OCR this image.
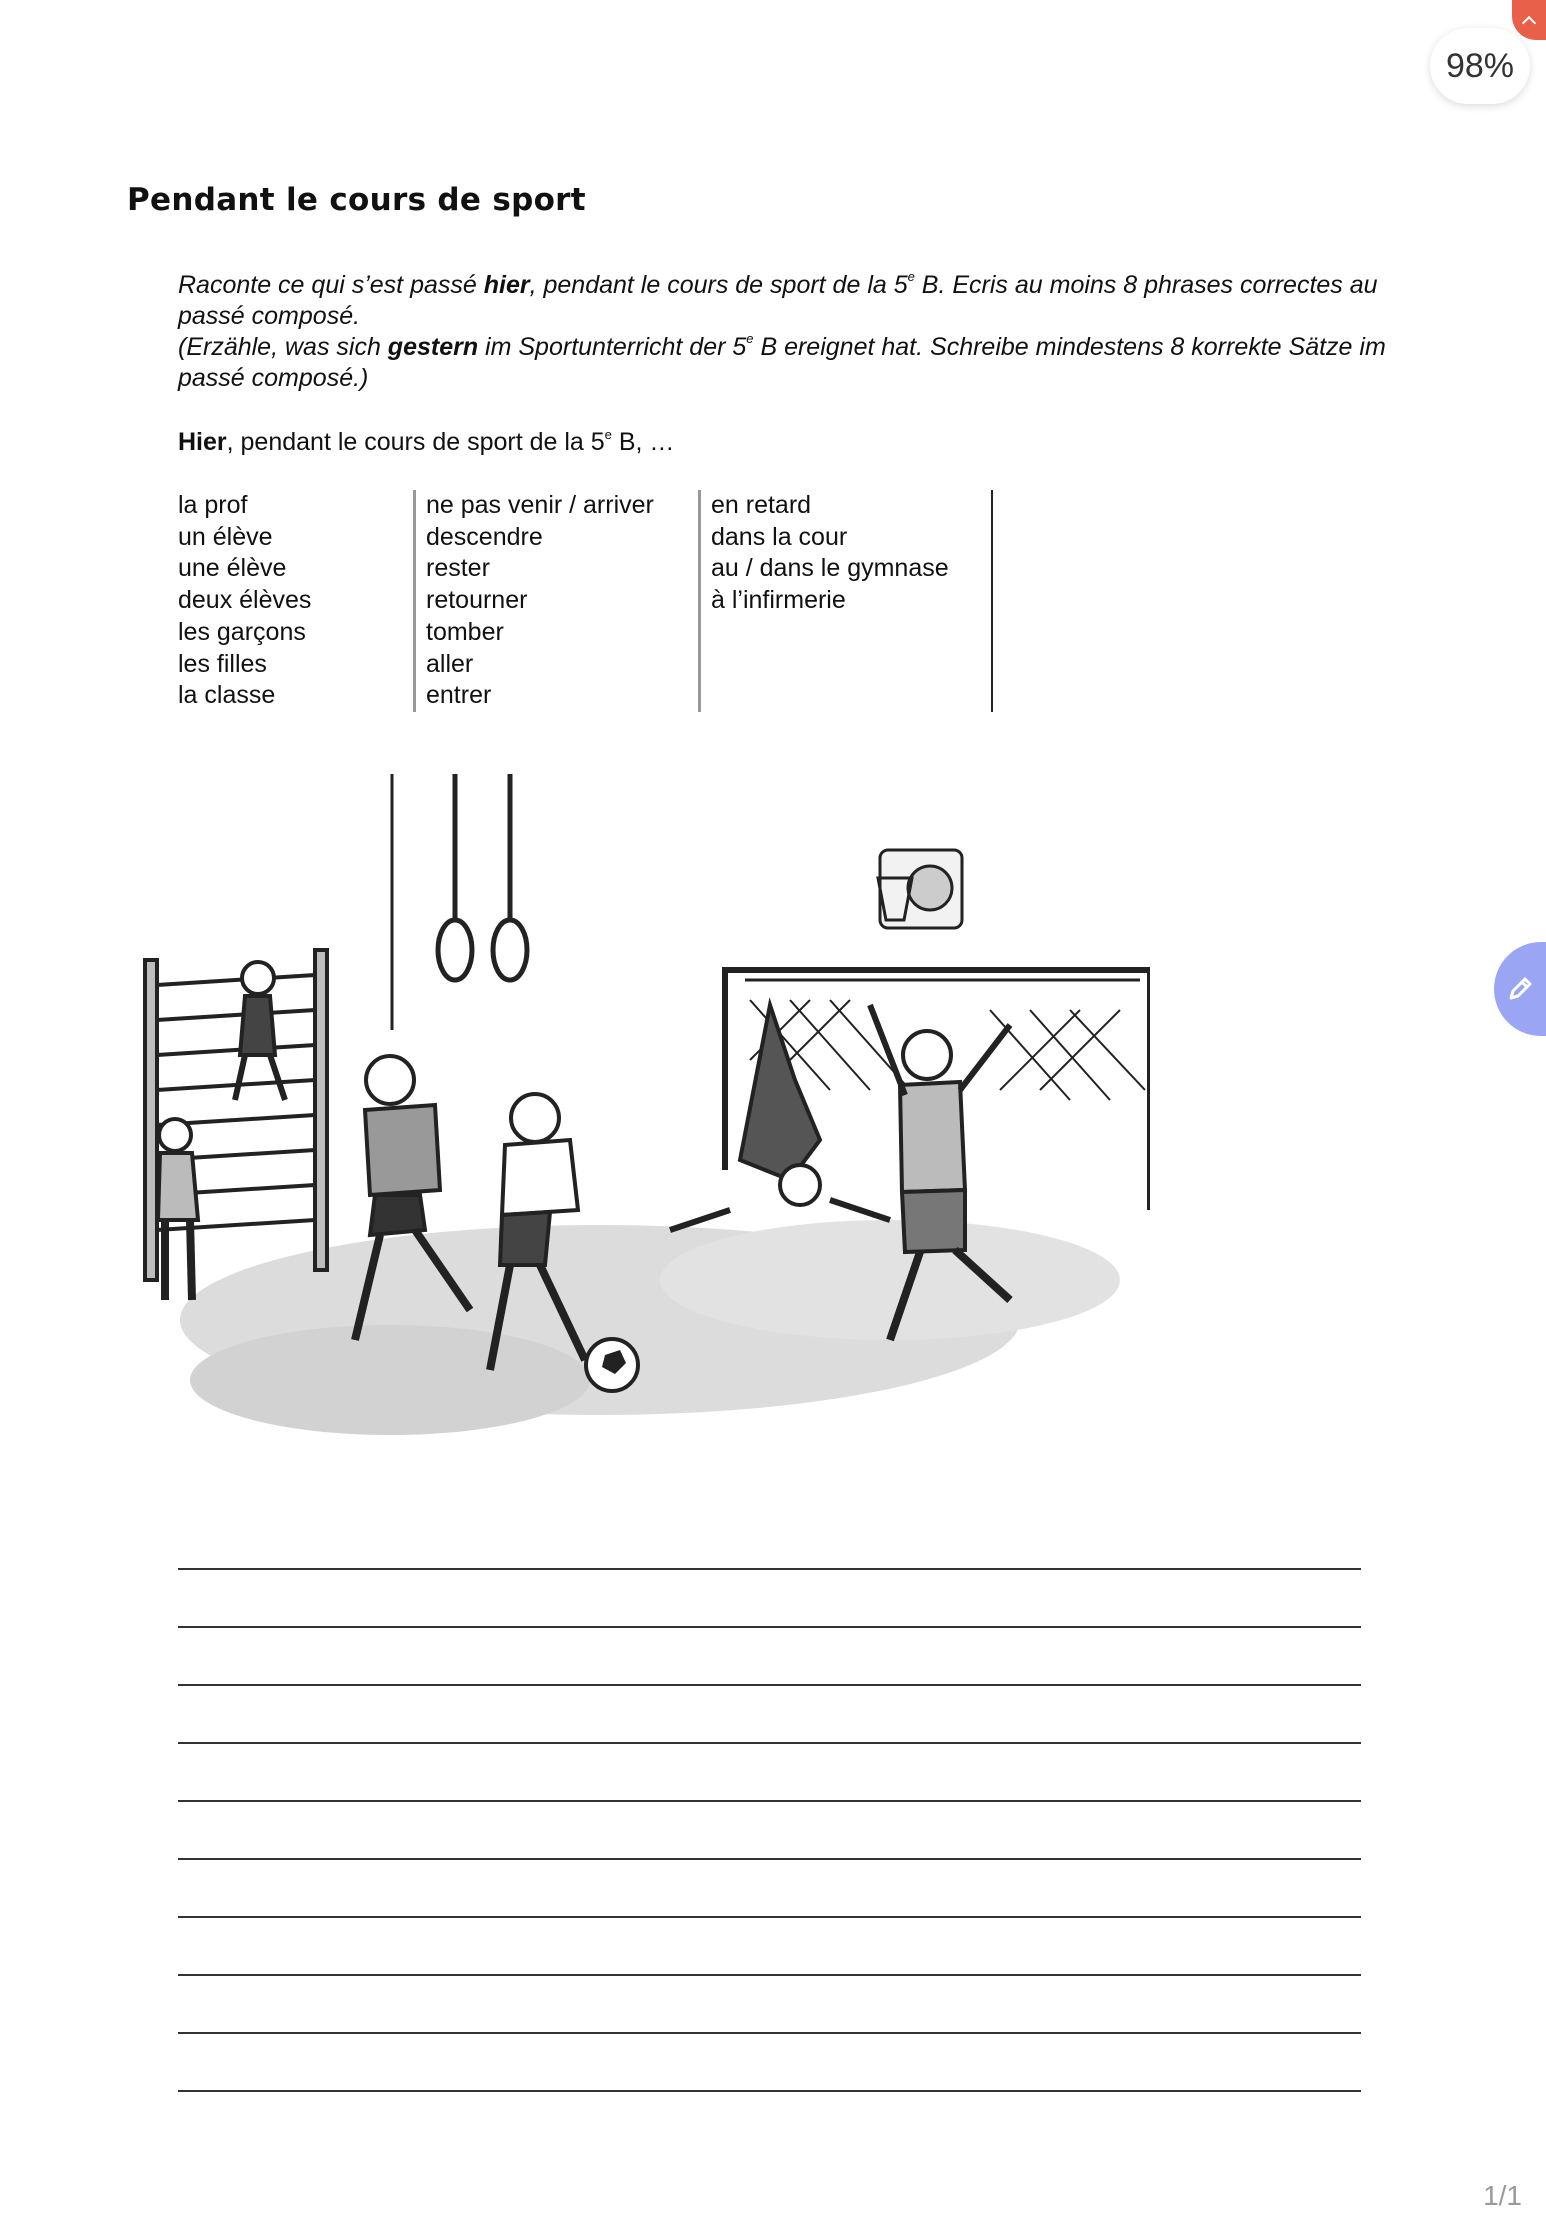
98%
Pendant le cours de sport

Raconte ce qui s’est passé hier, pendant le cours de sport de la 5e B. Ecris au moins 8 phrases correctes au passé composé.

(Erzähle, was sich gestern im Sportunterricht der 5e B ereignet hat. Schreibe mindestens 8 korrekte Sätze im passé composé.)

Hier, pendant le cours de sport de la 5e B, …
la prof
un élève
une élève
deux élèves
les garçons
les filles
la classe
ne pas venir / arriver
descendre
rester
retourner
tomber
aller
entrer
en retard
dans la cour
au / dans le gymnase
à l’infirmerie
1/1
